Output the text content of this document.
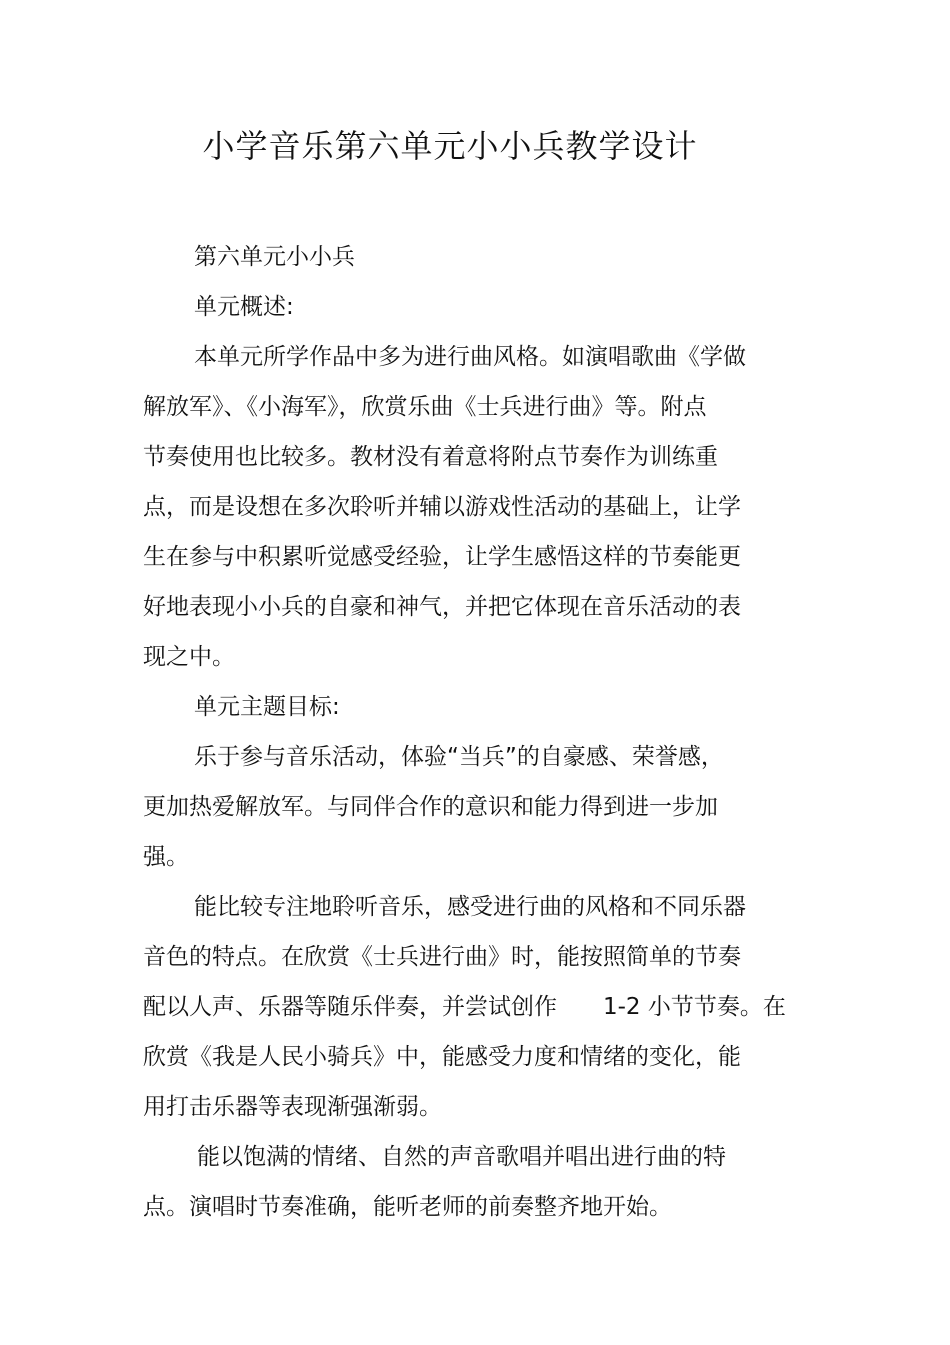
小学音乐第六单元小小兵教学设计
第六单元小小兵
单元概述:
本单元所学作品中多为进行曲风格。如演唱歌曲《学做
解放军》、《小海军》，欣赏乐曲《士兵进行曲》等。附点
节奏使用也比较多。教材没有着意将附点节奏作为训练重
点，而是设想在多次聆听并辅以游戏性活动的基础上，让学
生在参与中积累听觉感受经验，让学生感悟这样的节奏能更
好地表现小小兵的自豪和神气，并把它体现在音乐活动的表
现之中。
单元主题目标:
乐于参与音乐活动，体验“当兵”的自豪感、荣誉感，
更加热爱解放军。与同伴合作的意识和能力得到进一步加
强。
能比较专注地聆听音乐，感受进行曲的风格和不同乐器
音色的特点。在欣赏《士兵进行曲》时，能按照简单的节奏
配以人声、乐器等随乐伴奏，并尝试创作　　1-2 小节节奏。在
欣赏《我是人民小骑兵》中，能感受力度和情绪的变化，能
用打击乐器等表现渐强渐弱。
能以饱满的情绪、自然的声音歌唱并唱出进行曲的特
点。演唱时节奏准确，能听老师的前奏整齐地开始。
